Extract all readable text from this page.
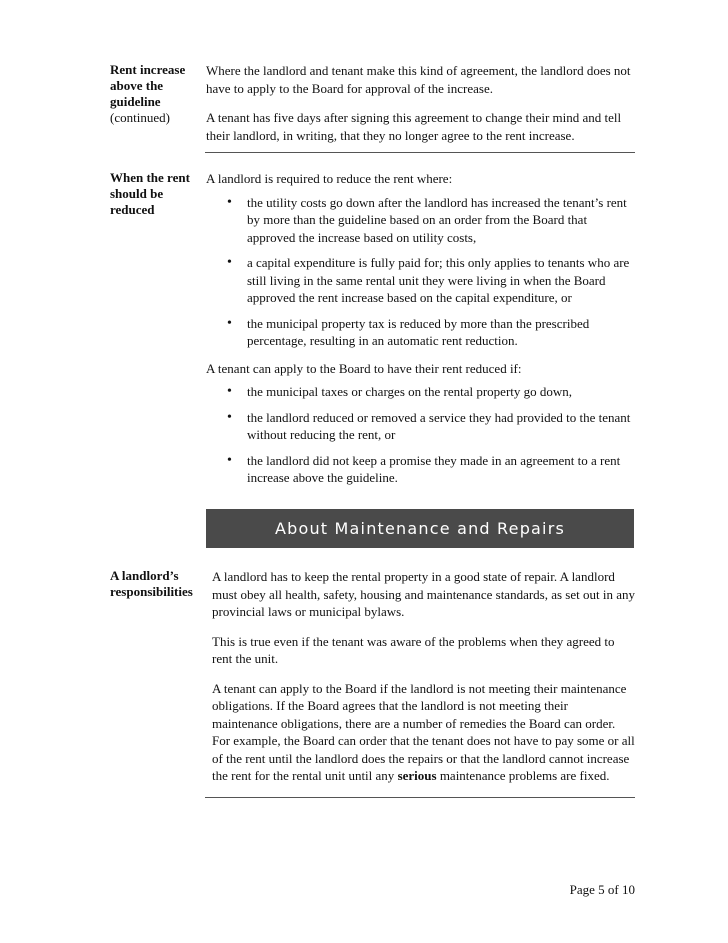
Rent increase above the guideline
(continued)

Where the landlord and tenant make this kind of agreement, the landlord does not have to apply to the Board for approval of the increase.

A tenant has five days after signing this agreement to change their mind and tell their landlord, in writing, that they no longer agree to the rent increase.

When the rent should be reduced

A landlord is required to reduce the rent where:

• the utility costs go down after the landlord has increased the tenant’s rent by more than the guideline based on an order from the Board that approved the increase based on utility costs,
• a capital expenditure is fully paid for; this only applies to tenants who are still living in the same rental unit they were living in when the Board approved the rent increase based on the capital expenditure, or
• the municipal property tax is reduced by more than the prescribed percentage, resulting in an automatic rent reduction.

A tenant can apply to the Board to have their rent reduced if:

• the municipal taxes or charges on the rental property go down,
• the landlord reduced or removed a service they had provided to the tenant without reducing the rent, or
• the landlord did not keep a promise they made in an agreement to a rent increase above the guideline.
About Maintenance and Repairs
A landlord’s responsibilities

A landlord has to keep the rental property in a good state of repair. A landlord must obey all health, safety, housing and maintenance standards, as set out in any provincial laws or municipal bylaws.

This is true even if the tenant was aware of the problems when they agreed to rent the unit.

A tenant can apply to the Board if the landlord is not meeting their maintenance obligations. If the Board agrees that the landlord is not meeting their maintenance obligations, there are a number of remedies the Board can order. For example, the Board can order that the tenant does not have to pay some or all of the rent until the landlord does the repairs or that the landlord cannot increase the rent for the rental unit until any serious maintenance problems are fixed.

Page 5 of 10
